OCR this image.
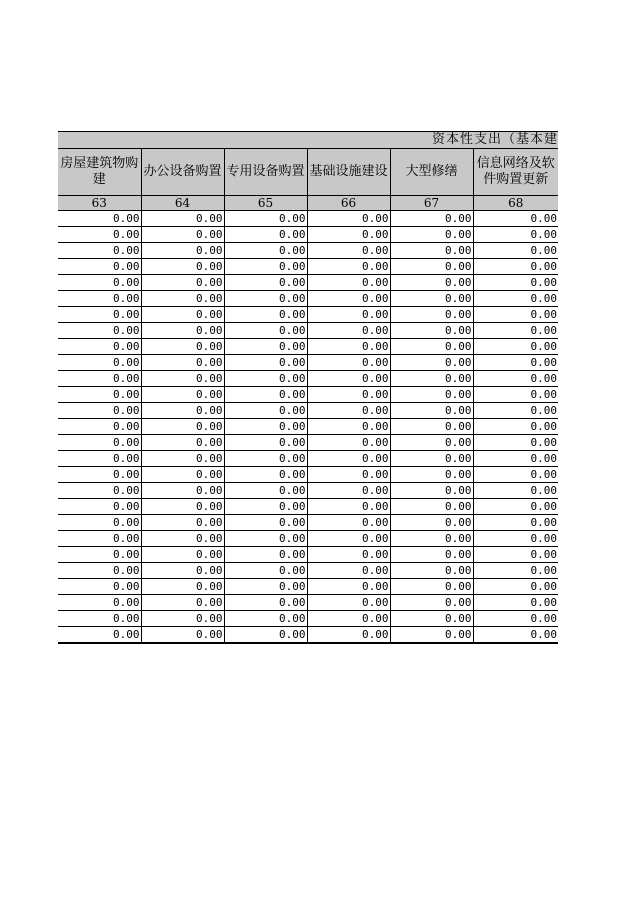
资本性支出（基本建
房屋建筑物购建	办公设备购置	专用设备购置	基础设施建设	大型修缮	信息网络及软件购置更新
63	64	65	66	67	68
0.00	0.00	0.00	0.00	0.00	0.00
0.00	0.00	0.00	0.00	0.00	0.00
0.00	0.00	0.00	0.00	0.00	0.00
0.00	0.00	0.00	0.00	0.00	0.00
0.00	0.00	0.00	0.00	0.00	0.00
0.00	0.00	0.00	0.00	0.00	0.00
0.00	0.00	0.00	0.00	0.00	0.00
0.00	0.00	0.00	0.00	0.00	0.00
0.00	0.00	0.00	0.00	0.00	0.00
0.00	0.00	0.00	0.00	0.00	0.00
0.00	0.00	0.00	0.00	0.00	0.00
0.00	0.00	0.00	0.00	0.00	0.00
0.00	0.00	0.00	0.00	0.00	0.00
0.00	0.00	0.00	0.00	0.00	0.00
0.00	0.00	0.00	0.00	0.00	0.00
0.00	0.00	0.00	0.00	0.00	0.00
0.00	0.00	0.00	0.00	0.00	0.00
0.00	0.00	0.00	0.00	0.00	0.00
0.00	0.00	0.00	0.00	0.00	0.00
0.00	0.00	0.00	0.00	0.00	0.00
0.00	0.00	0.00	0.00	0.00	0.00
0.00	0.00	0.00	0.00	0.00	0.00
0.00	0.00	0.00	0.00	0.00	0.00
0.00	0.00	0.00	0.00	0.00	0.00
0.00	0.00	0.00	0.00	0.00	0.00
0.00	0.00	0.00	0.00	0.00	0.00
0.00	0.00	0.00	0.00	0.00	0.00
